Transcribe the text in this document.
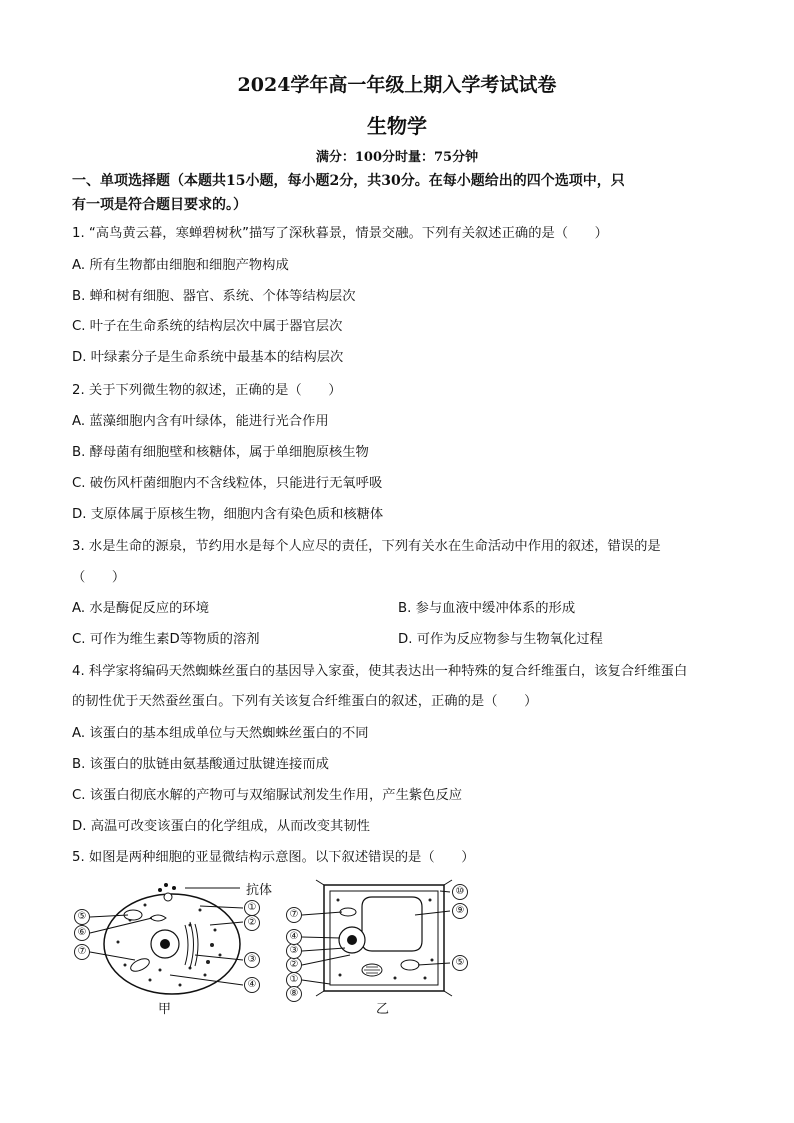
2024学年高一年级上期入学考试试卷
生物学
满分：100分时量：75分钟
一、单项选择题（本题共15小题，每小题2分，共30分。在每小题给出的四个选项中，只
有一项是符合题目要求的。）
1. “高鸟黄云暮，寒蝉碧树秋”描写了深秋暮景，情景交融。下列有关叙述正确的是（　　）
A. 所有生物都由细胞和细胞产物构成
B. 蝉和树有细胞、器官、系统、个体等结构层次
C. 叶子在生命系统的结构层次中属于器官层次
D. 叶绿素分子是生命系统中最基本的结构层次
2. 关于下列微生物的叙述，正确的是（　　）
A. 蓝藻细胞内含有叶绿体，能进行光合作用
B. 酵母菌有细胞壁和核糖体，属于单细胞原核生物
C. 破伤风杆菌细胞内不含线粒体，只能进行无氧呼吸
D. 支原体属于原核生物，细胞内含有染色质和核糖体
3. 水是生命的源泉，节约用水是每个人应尽的责任，下列有关水在生命活动中作用的叙述，错误的是
（　　）
A. 水是酶促反应的环境	B. 参与血液中缓冲体系的形成
C. 可作为维生素D等物质的溶剂	D. 可作为反应物参与生物氧化过程
4. 科学家将编码天然蜘蛛丝蛋白的基因导入家蚕，使其表达出一种特殊的复合纤维蛋白，该复合纤维蛋白
的韧性优于天然蚕丝蛋白。下列有关该复合纤维蛋白的叙述，正确的是（　　）
A. 该蛋白的基本组成单位与天然蜘蛛丝蛋白的不同
B. 该蛋白的肽链由氨基酸通过肽键连接而成
C. 该蛋白彻底水解的产物可与双缩脲试剂发生作用，产生紫色反应
D. 高温可改变该蛋白的化学组成，从而改变其韧性
5. 如图是两种细胞的亚显微结构示意图。以下叙述错误的是（　　）
抗体
①
②
③
④
⑤
⑥
⑦
①
②
③
④
⑤
⑦
⑧
⑨
⑩
甲	乙
